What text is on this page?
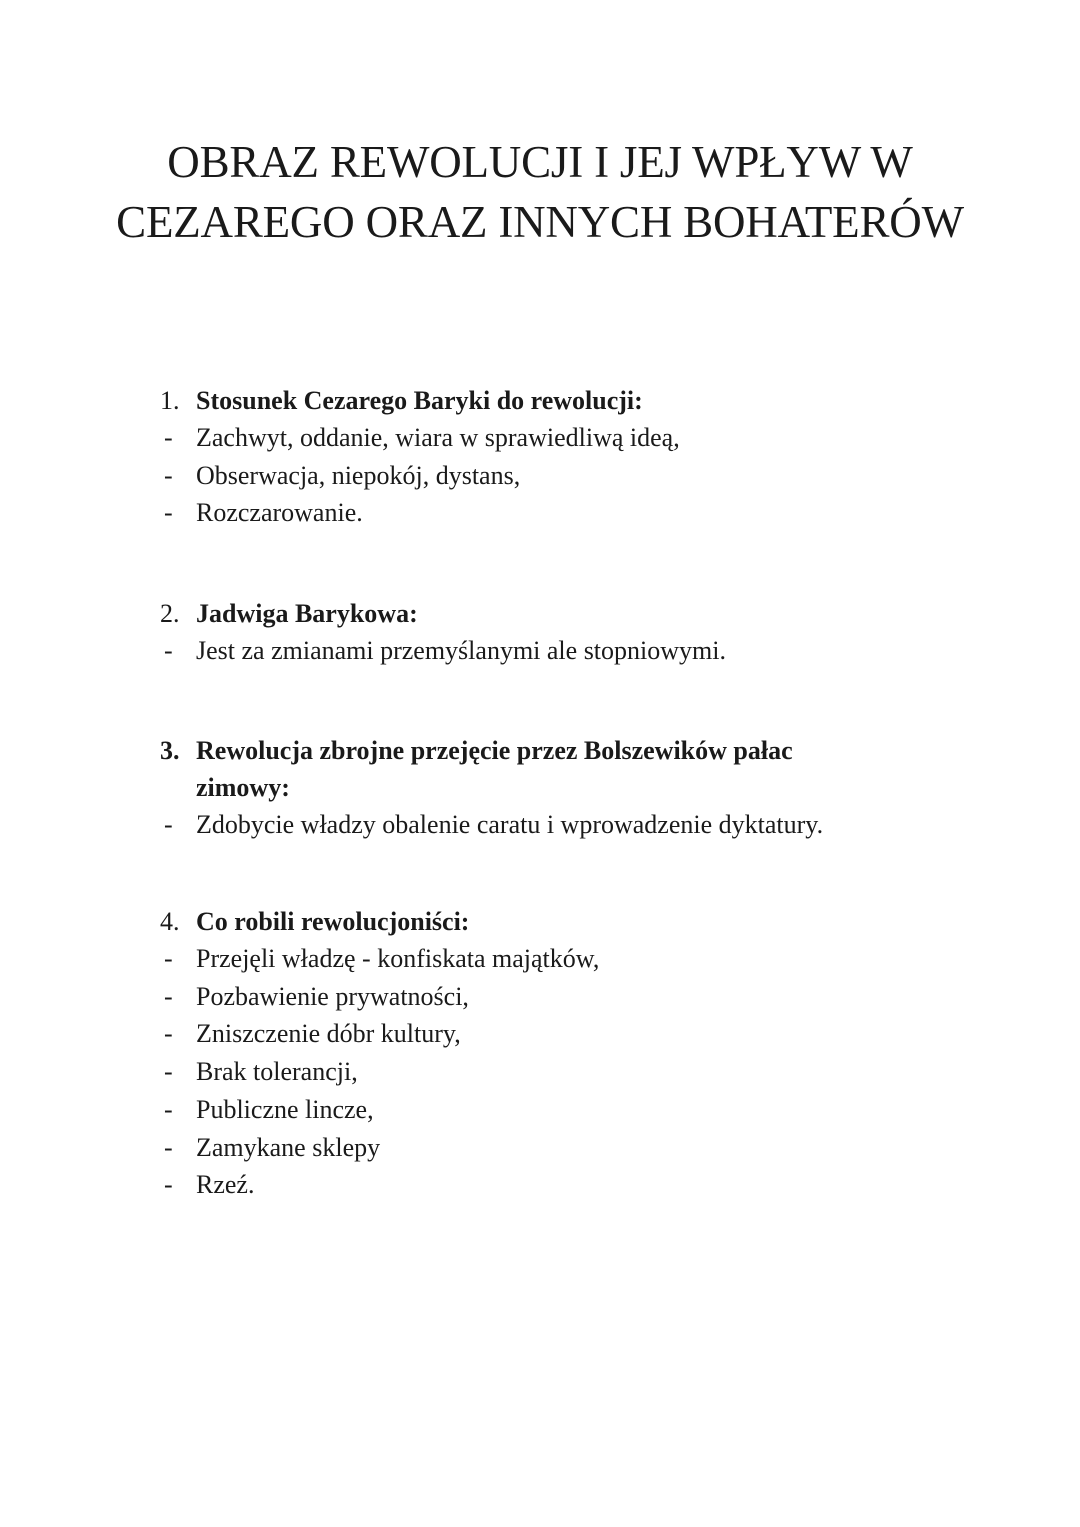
OBRAZ REWOLUCJI I JEJ WPŁYW W CEZAREGO ORAZ INNYCH BOHATERÓW
1. Stosunek Cezarego Baryki do rewolucji:
- Zachwyt, oddanie, wiara w sprawiedliwą ideą,
- Obserwacja, niepokój, dystans,
- Rozczarowanie.
2. Jadwiga Barykowa:
- Jest za zmianami przemyślanymi ale stopniowymi.
3. Rewolucja zbrojne przejęcie przez Bolszewików pałac zimowy:
- Zdobycie władzy obalenie caratu i wprowadzenie dyktatury.
4. Co robili rewolucjoniści:
- Przejęli władzę - konfiskata majątków,
- Pozbawienie prywatności,
- Zniszczenie dóbr kultury,
- Brak tolerancji,
- Publiczne lincze,
- Zamykane sklepy
- Rzeź.
